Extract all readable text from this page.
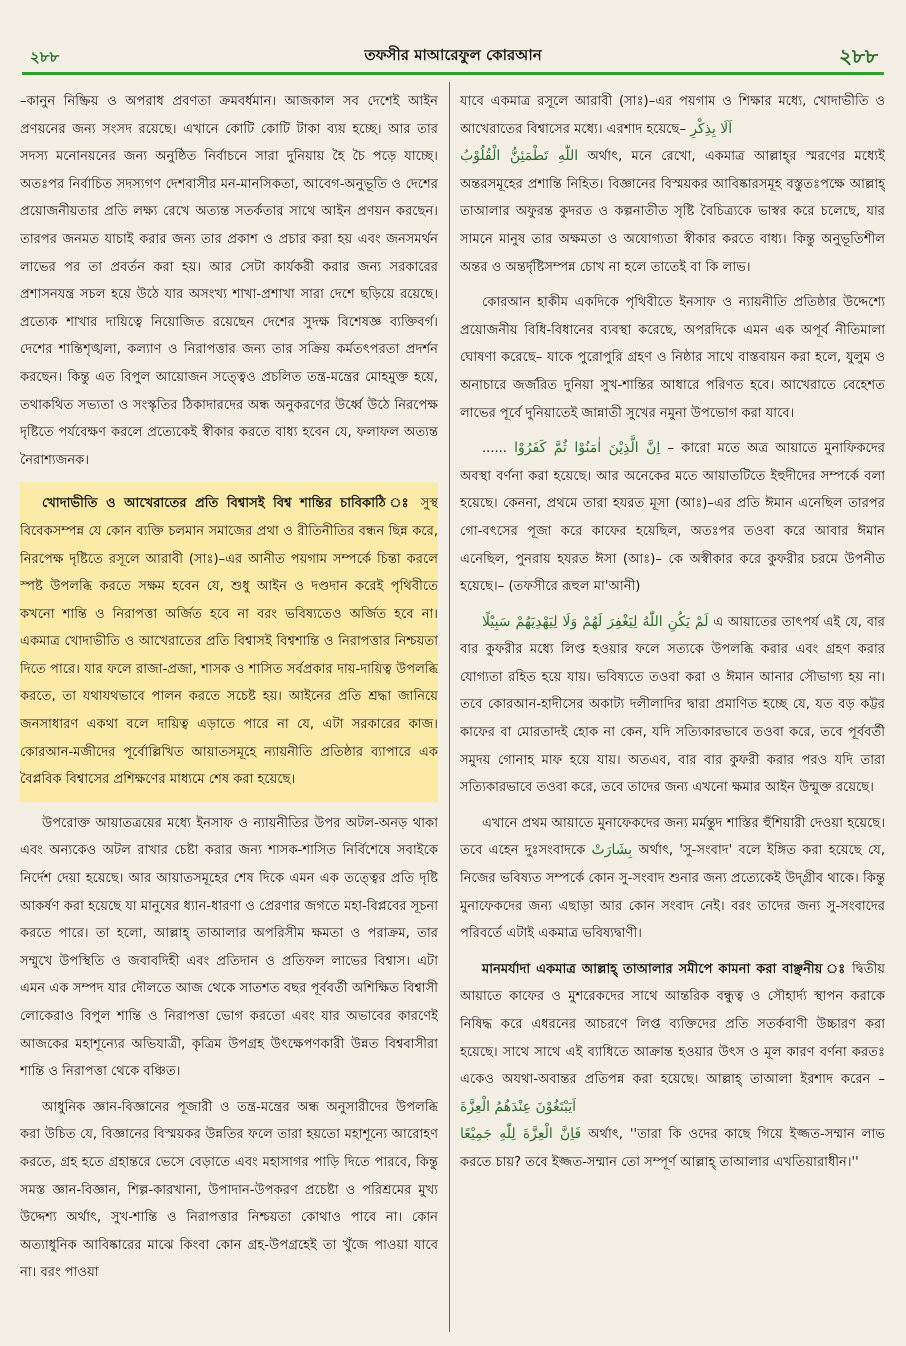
২৮৮	তফসীর মাআরেফুল কোরআন	২৮৮

–কানুন নিষ্ক্রিয় ও অপরাধ প্রবণতা ক্রমবর্ধমান। আজকাল সব দেশেই আইন প্রণয়নের জন্য সংসদ রয়েছে। এখানে কোটি কোটি টাকা ব্যয় হচ্ছে। আর তার সদস্য মনোনয়নের জন্য অনুষ্ঠিত নির্বাচনে সারা দুনিয়ায় হৈ চৈ পড়ে যাচ্ছে। অতঃপর নির্বাচিত সদস্যগণ দেশবাসীর মন-মানসিকতা, আবেগ-অনুভূতি ও দেশের প্রয়োজনীয়তার প্রতি লক্ষ্য রেখে অত্যন্ত সতর্কতার সাথে আইন প্রণয়ন করছেন। তারপর জনমত যাচাই করার জন্য তার প্রকাশ ও প্রচার করা হয় এবং জনসমর্থন লাভের পর তা প্রবর্তন করা হয়। আর সেটা কার্যকরী করার জন্য সরকারের প্রশাসনযন্ত্র সচল হয়ে উঠে যার অসংখ্য শাখা-প্রশাখা সারা দেশে ছড়িয়ে রয়েছে। প্রত্যেক শাখার দায়িত্বে নিয়োজিত রয়েছেন দেশের সুদক্ষ বিশেষজ্ঞ ব্যক্তিবর্গ। দেশের শান্তিশৃঙ্খলা, কল্যাণ ও নিরাপত্তার জন্য তার সক্রিয় কর্মতৎপরতা প্রদর্শন করছেন। কিন্তু এত বিপুল আয়োজন সত্ত্বেও প্রচলিত তন্ত্র-মন্ত্রের মোহমুক্ত হয়ে, তথাকথিত সভ্যতা ও সংস্কৃতির ঠিকাদারদের অন্ধ অনুকরণের উর্ধ্বে উঠে নিরপেক্ষ দৃষ্টিতে পর্যবেক্ষণ করলে প্রত্যেকেই স্বীকার করতে বাধ্য হবেন যে, ফলাফল অত্যন্ত নৈরাশ্যজনক।

খোদাভীতি ও আখেরাতের প্রতি বিশ্বাসই বিশ্ব শান্তির চাবিকাঠি ঃ সুস্থ বিবেকসম্পন্ন যে কোন ব্যক্তি চলমান সমাজের প্রথা ও রীতিনীতির বন্ধন ছিন্ন করে, নিরপেক্ষ দৃষ্টিতে রসূলে আরাবী (সাঃ)–এর আনীত পয়গাম সম্পর্কে চিন্তা করলে স্পষ্ট উপলব্ধি করতে সক্ষম হবেন যে, শুধু আইন ও দণ্ডদান করেই পৃথিবীতে কখনো শান্তি ও নিরাপত্তা অর্জিত হবে না বরং ভবিষ্যতেও অর্জিত হবে না। একমাত্র খোদাভীতি ও আখেরাতের প্রতি বিশ্বাসই বিশ্বশান্তি ও নিরাপত্তার নিশ্চয়তা দিতে পারে। যার ফলে রাজা-প্রজা, শাসক ও শাসিত সর্বপ্রকার দায়-দায়িত্ব উপলব্ধি করতে, তা যথাযথভাবে পালন করতে সচেষ্ট হয়। আইনের প্রতি শ্রদ্ধা জানিয়ে জনসাধারণ একথা বলে দায়িত্ব এড়াতে পারে না যে, এটা সরকারের কাজ। কোরআন-মজীদের পূর্বোল্লিখিত আয়াতসমূহে ন্যায়নীতি প্রতিষ্ঠার ব্যাপারে এক বৈপ্লবিক বিশ্বাসের প্রশিক্ষণের মাধ্যমে শেষ করা হয়েছে।

উপরোক্ত আয়াতত্রয়ের মধ্যে ইনসাফ ও ন্যায়নীতির উপর অটল-অনড় থাকা এবং অন্যকেও অটল রাখার চেষ্টা করার জন্য শাসক-শাসিত নির্বিশেষে সবাইকে নির্দেশ দেয়া হয়েছে। আর আয়াতসমূহের শেষ দিকে এমন এক তত্ত্বের প্রতি দৃষ্টি আকর্ষণ করা হয়েছে যা মানুষের ধ্যান-ধারণা ও প্রেরণার জগতে মহা-বিপ্লবের সূচনা করতে পারে। তা হলো, আল্লাহ্‌ তাআলার অপরিসীম ক্ষমতা ও পরাক্রম, তার সম্মুখে উপস্থিতি ও জবাবদিহী এবং প্রতিদান ও প্রতিফল লাভের বিশ্বাস। এটা এমন এক সম্পদ যার দৌলতে আজ থেকে সাতশত বছর পূর্ববর্তী অশিক্ষিত বিশ্বাসী লোকেরাও বিপুল শান্তি ও নিরাপত্তা ভোগ করতো এবং যার অভাবের কারণেই আজকের মহাশূন্যের অভিযাত্রী, কৃত্রিম উপগ্রহ উৎক্ষেপণকারী উন্নত বিশ্ববাসীরা শান্তি ও নিরাপত্তা থেকে বঞ্চিত।

আধুনিক জ্ঞান-বিজ্ঞানের পূজারী ও তন্ত্র-মন্ত্রের অন্ধ অনুসারীদের উপলব্ধি করা উচিত যে, বিজ্ঞানের বিস্ময়কর উন্নতির ফলে তারা হয়তো মহাশূন্যে আরোহণ করতে, গ্রহ হতে গ্রহান্তরে ভেসে বেড়াতে এবং মহাসাগর পাড়ি দিতে পারবে, কিন্তু সমস্ত জ্ঞান-বিজ্ঞান, শিল্প-কারখানা, উপাদান-উপকরণ প্রচেষ্টা ও পরিশ্রমের মুখ্য উদ্দেশ্য অর্থাৎ, সুখ-শান্তি ও নিরাপত্তার নিশ্চয়তা কোথাও পাবে না। কোন অত্যাধুনিক আবিষ্কারের মাঝে কিংবা কোন গ্রহ-উপগ্রহেই তা খুঁজে পাওয়া যাবে না। বরং পাওয়া

যাবে একমাত্র রসূলে আরাবী (সাঃ)–এর পয়গাম ও শিক্ষার মধ্যে, খোদাভীতি ও আখেরাতের বিশ্বাসের মধ্যে। এরশাদ হয়েছে– اَلَا بِذِكْرِ
اللّٰهِ تَطْمَئِنُّ الْقُلُوْبُ অর্থাৎ, মনে রেখো, একমাত্র আল্লাহ্‌র স্মরণের মধ্যেই অন্তরসমূহের প্রশান্তি নিহিত। বিজ্ঞানের বিস্ময়কর আবিষ্কারসমূহ বস্তুতঃপক্ষে আল্লাহ্‌ তাআলার অফুরন্ত কুদরত ও কল্পনাতীত সৃষ্টি বৈচিত্র্যকে ভাস্বর করে চলেছে, যার সামনে মানুষ তার অক্ষমতা ও অযোগ্যতা স্বীকার করতে বাধ্য। কিন্তু অনুভূতিশীল অন্তর ও অন্তর্দৃষ্টিসম্পন্ন চোখ না হলে তাতেই বা কি লাভ।

কোরআন হাকীম একদিকে পৃথিবীতে ইনসাফ ও ন্যায়নীতি প্রতিষ্ঠার উদ্দেশ্যে প্রয়োজনীয় বিধি-বিধানের ব্যবস্থা করেছে, অপরদিকে এমন এক অপূর্ব নীতিমালা ঘোষণা করেছে– যাকে পুরোপুরি গ্রহণ ও নিষ্ঠার সাথে বাস্তবায়ন করা হলে, যুলুম ও অনাচারে জর্জরিত দুনিয়া সুখ-শান্তির আধারে পরিণত হবে। আখেরাতে বেহেশত লাভের পূর্বে দুনিয়াতেই জান্নাতী সুখের নমুনা উপভোগ করা যাবে।

...... اِنَّ الَّذِيْنَ اٰمَنُوْا ثُمَّ كَفَرُوْا – কারো মতে অত্র আয়াতে মুনাফিকদের অবস্থা বর্ণনা করা হয়েছে। আর অনেকের মতে আয়াতটিতে ইহুদীদের সম্পর্কে বলা হয়েছে। কেননা, প্রথমে তারা হযরত মূসা (আঃ)–এর প্রতি ঈমান এনেছিল তারপর গো-বৎসের পূজা করে কাফের হয়েছিল, অতঃপর তওবা করে আবার ঈমান এনেছিল, পুনরায় হযরত ঈসা (আঃ)– কে অস্বীকার করে কুফরীর চরমে উপনীত হয়েছে।– (তফসীরে রূহুল মা'আনী)

لَمْ يَكُنِ اللّٰهُ لِيَغْفِرَ لَهُمْ وَلَا لِيَهْدِيَهُمْ سَبِيْلًا এ আয়াতের তাৎপর্য এই যে, বার বার কুফরীর মধ্যে লিপ্ত হওয়ার ফলে সত্যকে উপলব্ধি করার এবং গ্রহণ করার যোগ্যতা রহিত হয়ে যায়। ভবিষ্যতে তওবা করা ও ঈমান আনার সৌভাগ্য হয় না। তবে কোরআন-হাদীসের অকাট্য দলীলাদির দ্বারা প্রমাণিত হচ্ছে যে, যত বড় কট্টর কাফের বা মোরতাদই হোক না কেন, যদি সত্যিকারভাবে তওবা করে, তবে পূর্ববর্তী সমুদয় গোনাহ মাফ হয়ে যায়। অতএব, বার বার কুফরী করার পরও যদি তারা সত্যিকারভাবে তওবা করে, তবে তাদের জন্য এখনো ক্ষমার আইন উন্মুক্ত রয়েছে।

এখানে প্রথম আয়াতে মুনাফেকদের জন্য মর্মন্তুদ শাস্তির হুঁশিয়ারী দেওয়া হয়েছে। তবে এহেন দুঃসংবাদকে بِشَارَتْ অর্থাৎ, 'সু-সংবাদ' বলে ইঙ্গিত করা হয়েছে যে, নিজের ভবিষ্যত সম্পর্কে কোন সু-সংবাদ শুনার জন্য প্রত্যেকেই উদ্গ্রীব থাকে। কিন্তু মুনাফেকদের জন্য এছাড়া আর কোন সংবাদ নেই। বরং তাদের জন্য সু-সংবাদের পরিবর্তে এটাই একমাত্র ভবিষ্যদ্বাণী।

মানমর্যাদা একমাত্র আল্লাহ্‌ তাআলার সমীপে কামনা করা বাঞ্ছনীয় ঃ দ্বিতীয় আয়াতে কাফের ও মুশরেকদের সাথে আন্তরিক বন্ধুত্ব ও সৌহার্দ্য স্থাপন করাকে নিষিদ্ধ করে এধরনের আচরণে লিপ্ত ব্যক্তিদের প্রতি সতর্কবাণী উচ্চারণ করা হয়েছে। সাথে সাথে এই ব্যাধিতে আক্রান্ত হওয়ার উৎস ও মূল কারণ বর্ণনা করতঃ একেও অযথা-অবান্তর প্রতিপন্ন করা হয়েছে। আল্লাহ্‌ তাআলা ইরশাদ করেন – اَيَبْتَغُوْنَ عِنْدَهُمُ الْعِزَّةَ
فَاِنَّ الْعِزَّةَ لِلّٰهِ جَمِيْعًا অর্থাৎ, ''তারা কি ওদের কাছে গিয়ে ইজ্জত-সম্মান লাভ করতে চায়? তবে ইজ্জত-সম্মান তো সম্পূর্ণ আল্লাহ্‌ তাআলার এখতিয়ারাধীন।''
